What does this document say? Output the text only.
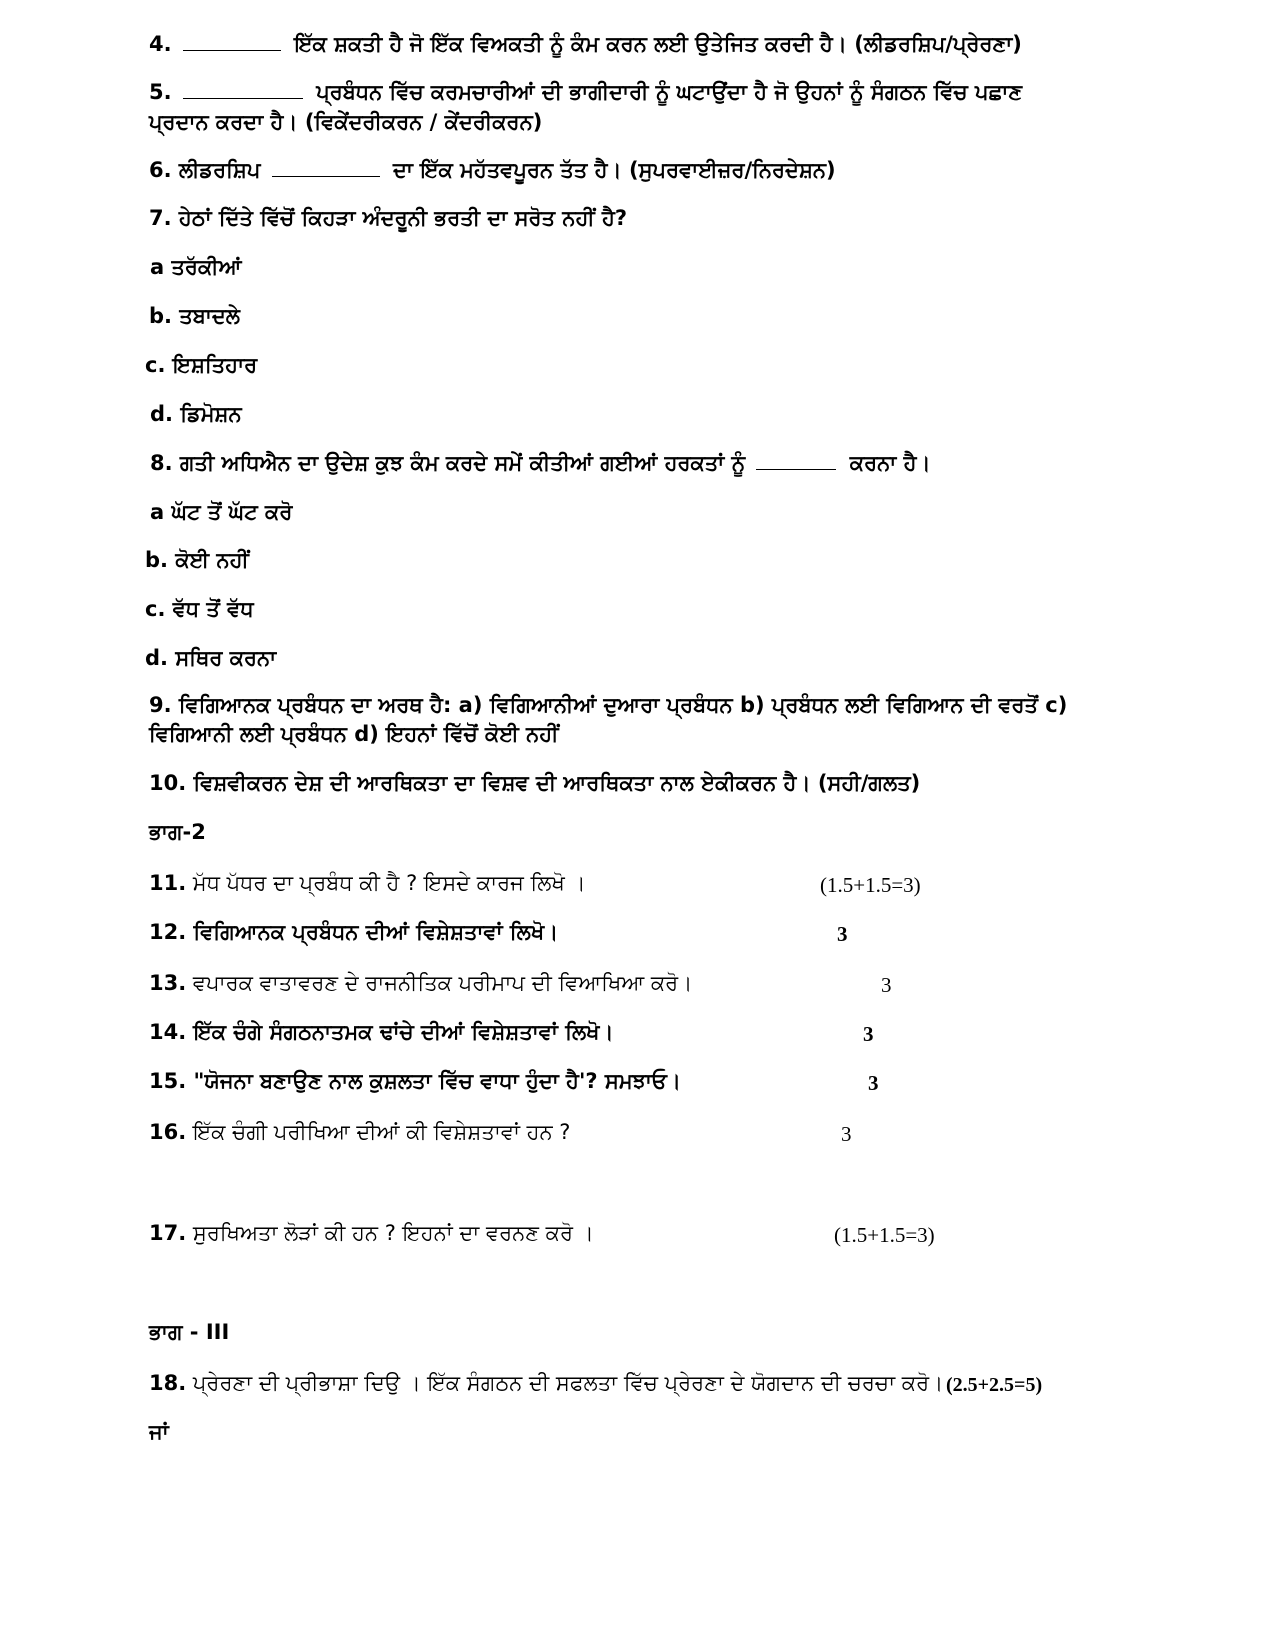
4.	ਇੱਕ ਸ਼ਕਤੀ ਹੈ ਜੋ ਇੱਕ ਵਿਅਕਤੀ ਨੂੰ ਕੰਮ ਕਰਨ ਲਈ ਉਤੇਜਿਤ ਕਰਦੀ ਹੈ। (ਲੀਡਰਸ਼ਿਪ/ਪ੍ਰੇਰਣਾ)
5.	ਪ੍ਰਬੰਧਨ ਵਿੱਚ ਕਰਮਚਾਰੀਆਂ ਦੀ ਭਾਗੀਦਾਰੀ ਨੂੰ ਘਟਾਉਂਦਾ ਹੈ ਜੋ ਉਹਨਾਂ ਨੂੰ ਸੰਗਠਨ ਵਿੱਚ ਪਛਾਣ
ਪ੍ਰਦਾਨ ਕਰਦਾ ਹੈ। (ਵਿਕੇਂਦਰੀਕਰਨ / ਕੇਂਦਰੀਕਰਨ)
6. ਲੀਡਰਸ਼ਿਪ	ਦਾ ਇੱਕ ਮਹੱਤਵਪੂਰਨ ਤੱਤ ਹੈ। (ਸੁਪਰਵਾਈਜ਼ਰ/ਨਿਰਦੇਸ਼ਨ)
7. ਹੇਠਾਂ ਦਿੱਤੇ ਵਿੱਚੋਂ ਕਿਹੜਾ ਅੰਦਰੂਨੀ ਭਰਤੀ ਦਾ ਸਰੋਤ ਨਹੀਂ ਹੈ?
a ਤਰੱਕੀਆਂ
b. ਤਬਾਦਲੇ
c. ਇਸ਼ਤਿਹਾਰ
d. ਡਿਮੋਸ਼ਨ
8. ਗਤੀ ਅਧਿਐਨ ਦਾ ਉਦੇਸ਼ ਕੁਝ ਕੰਮ ਕਰਦੇ ਸਮੇਂ ਕੀਤੀਆਂ ਗਈਆਂ ਹਰਕਤਾਂ ਨੂੰ	ਕਰਨਾ ਹੈ।
a ਘੱਟ ਤੋਂ ਘੱਟ ਕਰੋ
b. ਕੋਈ ਨਹੀਂ
c. ਵੱਧ ਤੋਂ ਵੱਧ
d. ਸਥਿਰ ਕਰਨਾ
9. ਵਿਗਿਆਨਕ ਪ੍ਰਬੰਧਨ ਦਾ ਅਰਥ ਹੈ: a) ਵਿਗਿਆਨੀਆਂ ਦੁਆਰਾ ਪ੍ਰਬੰਧਨ b) ਪ੍ਰਬੰਧਨ ਲਈ ਵਿਗਿਆਨ ਦੀ ਵਰਤੋਂ c)
ਵਿਗਿਆਨੀ ਲਈ ਪ੍ਰਬੰਧਨ d) ਇਹਨਾਂ ਵਿੱਚੋਂ ਕੋਈ ਨਹੀਂ
10. ਵਿਸ਼ਵੀਕਰਨ ਦੇਸ਼ ਦੀ ਆਰਥਿਕਤਾ ਦਾ ਵਿਸ਼ਵ ਦੀ ਆਰਥਿਕਤਾ ਨਾਲ ਏਕੀਕਰਨ ਹੈ। (ਸਹੀ/ਗਲਤ)
ਭਾਗ-2
11. ਮੱਧ ਪੱਧਰ ਦਾ ਪ੍ਰਬੰਧ ਕੀ ਹੈ ? ਇਸਦੇ ਕਾਰਜ ਲਿਖੋ ।	(1.5+1.5=3)
12. ਵਿਗਿਆਨਕ ਪ੍ਰਬੰਧਨ ਦੀਆਂ ਵਿਸ਼ੇਸ਼ਤਾਵਾਂ ਲਿਖੋ।	3
13. ਵਪਾਰਕ ਵਾਤਾਵਰਣ ਦੇ ਰਾਜਨੀਤਿਕ ਪਰੀਮਾਪ ਦੀ ਵਿਆਖਿਆ ਕਰੋ।	3
14. ਇੱਕ ਚੰਗੇ ਸੰਗਠਨਾਤਮਕ ਢਾਂਚੇ ਦੀਆਂ ਵਿਸ਼ੇਸ਼ਤਾਵਾਂ ਲਿਖੋ।	3
15. "ਯੋਜਨਾ ਬਣਾਉਣ ਨਾਲ ਕੁਸ਼ਲਤਾ ਵਿੱਚ ਵਾਧਾ ਹੁੰਦਾ ਹੈ'? ਸਮਝਾਓ।	3
16. ਇੱਕ ਚੰਗੀ ਪਰੀਖਿਆ ਦੀਆਂ ਕੀ ਵਿਸ਼ੇਸ਼ਤਾਵਾਂ ਹਨ ?	3
17. ਸੁਰਖਿਅਤਾ ਲੋੜਾਂ ਕੀ ਹਨ ? ਇਹਨਾਂ ਦਾ ਵਰਨਣ ਕਰੋ ।	(1.5+1.5=3)
ਭਾਗ - III
18. ਪ੍ਰੇਰਣਾ ਦੀ ਪ੍ਰੀਭਾਸ਼ਾ ਦਿਉ । ਇੱਕ ਸੰਗਠਨ ਦੀ ਸਫਲਤਾ ਵਿੱਚ ਪ੍ਰੇਰਣਾ ਦੇ ਯੋਗਦਾਨ ਦੀ ਚਰਚਾ ਕਰੋ। (2.5+2.5=5)
ਜਾਂ
